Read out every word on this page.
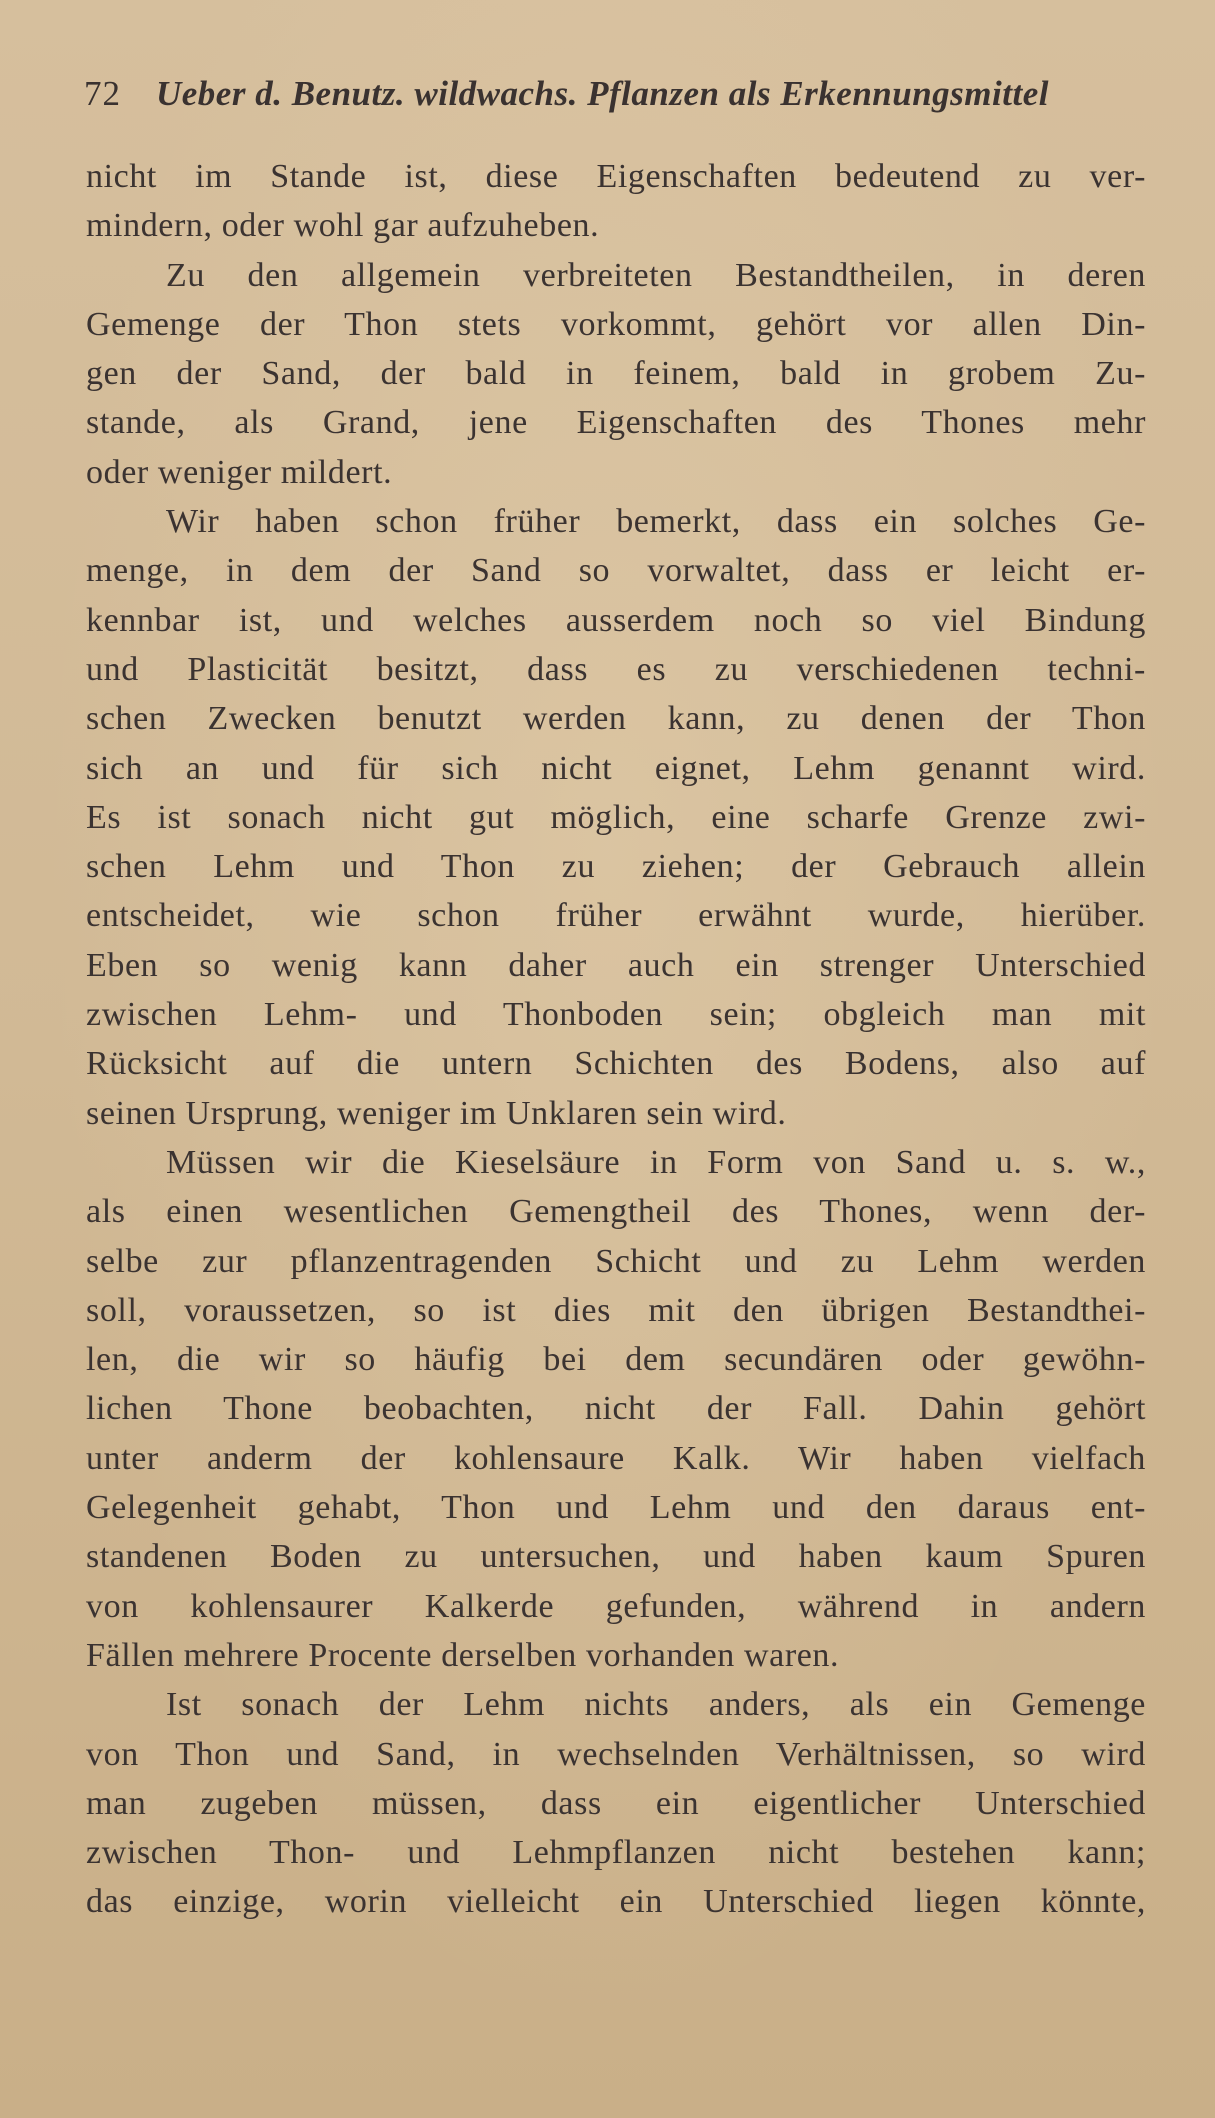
72 Ueber d. Benutz. wildwachs. Pflanzen als Erkennungsmittel
nicht im Stande ist, diese Eigenschaften bedeutend zu ver-
mindern, oder wohl gar aufzuheben.
Zu den allgemein verbreiteten Bestandtheilen, in deren
Gemenge der Thon stets vorkommt, gehört vor allen Din-
gen der Sand, der bald in feinem, bald in grobem Zu-
stande, als Grand, jene Eigenschaften des Thones mehr
oder weniger mildert.
Wir haben schon früher bemerkt, dass ein solches Ge-
menge, in dem der Sand so vorwaltet, dass er leicht er-
kennbar ist, und welches ausserdem noch so viel Bindung
und Plasticität besitzt, dass es zu verschiedenen techni-
schen Zwecken benutzt werden kann, zu denen der Thon
sich an und für sich nicht eignet, Lehm genannt wird.
Es ist sonach nicht gut möglich, eine scharfe Grenze zwi-
schen Lehm und Thon zu ziehen; der Gebrauch allein
entscheidet, wie schon früher erwähnt wurde, hierüber.
Eben so wenig kann daher auch ein strenger Unterschied
zwischen Lehm- und Thonboden sein; obgleich man mit
Rücksicht auf die untern Schichten des Bodens, also auf
seinen Ursprung, weniger im Unklaren sein wird.
Müssen wir die Kieselsäure in Form von Sand u. s. w.,
als einen wesentlichen Gemengtheil des Thones, wenn der-
selbe zur pflanzentragenden Schicht und zu Lehm werden
soll, voraussetzen, so ist dies mit den übrigen Bestandthei-
len, die wir so häufig bei dem secundären oder gewöhn-
lichen Thone beobachten, nicht der Fall. Dahin gehört
unter anderm der kohlensaure Kalk. Wir haben vielfach
Gelegenheit gehabt, Thon und Lehm und den daraus ent-
standenen Boden zu untersuchen, und haben kaum Spuren
von kohlensaurer Kalkerde gefunden, während in andern
Fällen mehrere Procente derselben vorhanden waren.
Ist sonach der Lehm nichts anders, als ein Gemenge
von Thon und Sand, in wechselnden Verhältnissen, so wird
man zugeben müssen, dass ein eigentlicher Unterschied
zwischen Thon- und Lehmpflanzen nicht bestehen kann;
das einzige, worin vielleicht ein Unterschied liegen könnte,
